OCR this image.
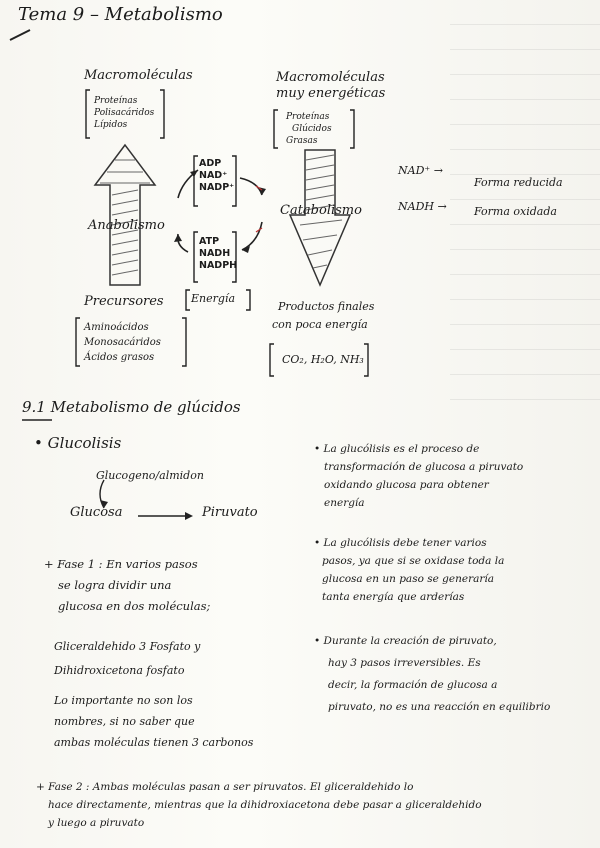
Tema 9 – Metabolismo
Macromoléculas
Proteínas
Polisacáridos
Lípidos
Macromoléculas
muy energéticas
Proteínas
Glúcidos
Grasas
Anabolismo
Catabolismo
ADP
NAD⁺
NADP⁺
ATP
NADH
NADPH
Energía
Precursores
Aminoácidos
Monosacáridos
Ácidos grasos
Productos finales
con poca energía
CO₂, H₂O, NH₃
NAD⁺ →
Forma reducida
NADH → Forma oxidada
9.1 Metabolismo de glúcidos
• Glucolisis
Glucogeno/almidon
Glucosa	Piruvato
+ Fase 1 : En varios pasos
se logra dividir una
glucosa en dos moléculas;
Gliceraldehido 3 Fosfato y
Dihidroxicetona fosfato
Lo importante no son los
nombres, si no saber que
ambas moléculas tienen 3 carbonos
• La glucólisis es el proceso de
transformación de glucosa a piruvato
oxidando glucosa para obtener
energía
• La glucólisis debe tener varios
pasos, ya que si se oxidase toda la
glucosa en un paso se generaría
tanta energía que arderías
• Durante la creación de piruvato,
hay 3 pasos irreversibles. Es
decir, la formación de glucosa a
piruvato, no es una reacción en equilibrio
+ Fase 2 : Ambas moléculas pasan a ser piruvatos. El gliceraldehido lo
hace directamente, mientras que la dihidroxiacetona debe pasar a gliceraldehido
y luego a piruvato
